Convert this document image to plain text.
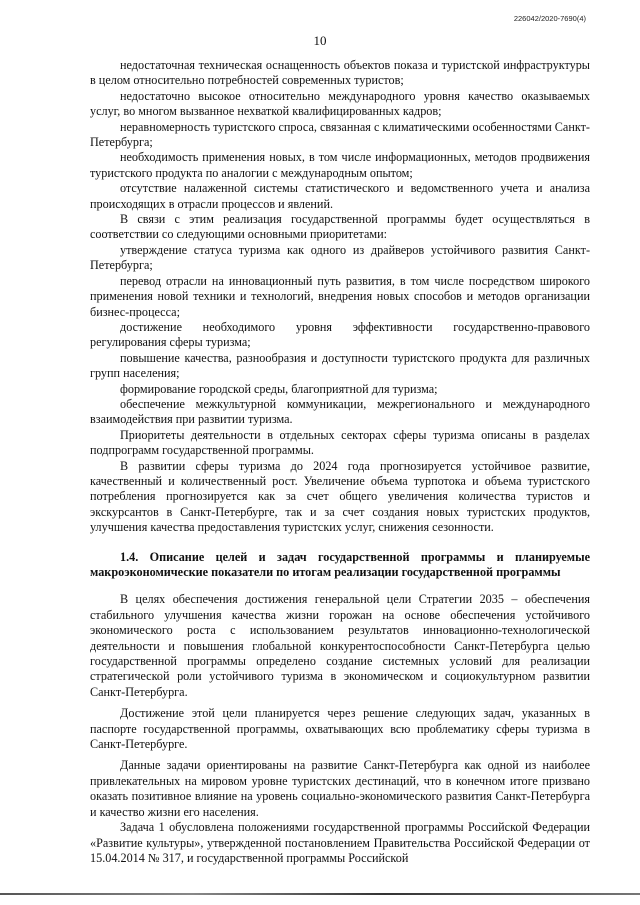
226042/2020-7690(4)
10

недостаточная техническая оснащенность объектов показа и туристской инфраструктуры в целом относительно потребностей современных туристов;

недостаточно высокое относительно международного уровня качество оказываемых услуг, во многом вызванное нехваткой квалифицированных кадров;

неравномерность туристского спроса, связанная с климатическими особенностями Санкт-Петербурга;

необходимость применения новых, в том числе информационных, методов продвижения туристского продукта по аналогии с международным опытом;

отсутствие налаженной системы статистического и ведомственного учета и анализа происходящих в отрасли процессов и явлений.

В связи с этим реализация государственной программы будет осуществляться в соответствии со следующими основными приоритетами:

утверждение статуса туризма как одного из драйверов устойчивого развития Санкт-Петербурга;

перевод отрасли на инновационный путь развития, в том числе посредством широкого применения новой техники и технологий, внедрения новых способов и методов организации бизнес-процесса;

достижение необходимого уровня эффективности государственно-правового регулирования сферы туризма;

повышение качества, разнообразия и доступности туристского продукта для различных групп населения;

формирование городской среды, благоприятной для туризма;

обеспечение межкультурной коммуникации, межрегионального и международного взаимодействия при развитии туризма.

Приоритеты деятельности в отдельных секторах сферы туризма описаны в разделах подпрограмм государственной программы.

В развитии сферы туризма до 2024 года прогнозируется устойчивое развитие, качественный и количественный рост. Увеличение объема турпотока и объема туристского потребления прогнозируется как за счет общего увеличения количества туристов и экскурсантов в Санкт-Петербурге, так и за счет создания новых туристских продуктов, улучшения качества предоставления туристских услуг, снижения сезонности.

1.4. Описание целей и задач государственной программы и планируемые макроэкономические показатели по итогам реализации государственной программы

В целях обеспечения достижения генеральной цели Стратегии 2035 – обеспечения стабильного улучшения качества жизни горожан на основе обеспечения устойчивого экономического роста с использованием результатов инновационно-технологической деятельности и повышения глобальной конкурентоспособности Санкт-Петербурга целью государственной программы определено создание системных условий для реализации стратегической роли устойчивого туризма в экономическом и социокультурном развитии Санкт-Петербурга.

Достижение этой цели планируется через решение следующих задач, указанных в паспорте государственной программы, охватывающих всю проблематику сферы туризма в Санкт-Петербурге.

Данные задачи ориентированы на развитие Санкт-Петербурга как одной из наиболее привлекательных на мировом уровне туристских дестинаций, что в конечном итоге призвано оказать позитивное влияние на уровень социально-экономического развития Санкт-Петербурга и качество жизни его населения.

Задача 1 обусловлена положениями государственной программы Российской Федерации «Развитие культуры», утвержденной постановлением Правительства Российской Федерации от 15.04.2014 № 317, и государственной программы Российской
